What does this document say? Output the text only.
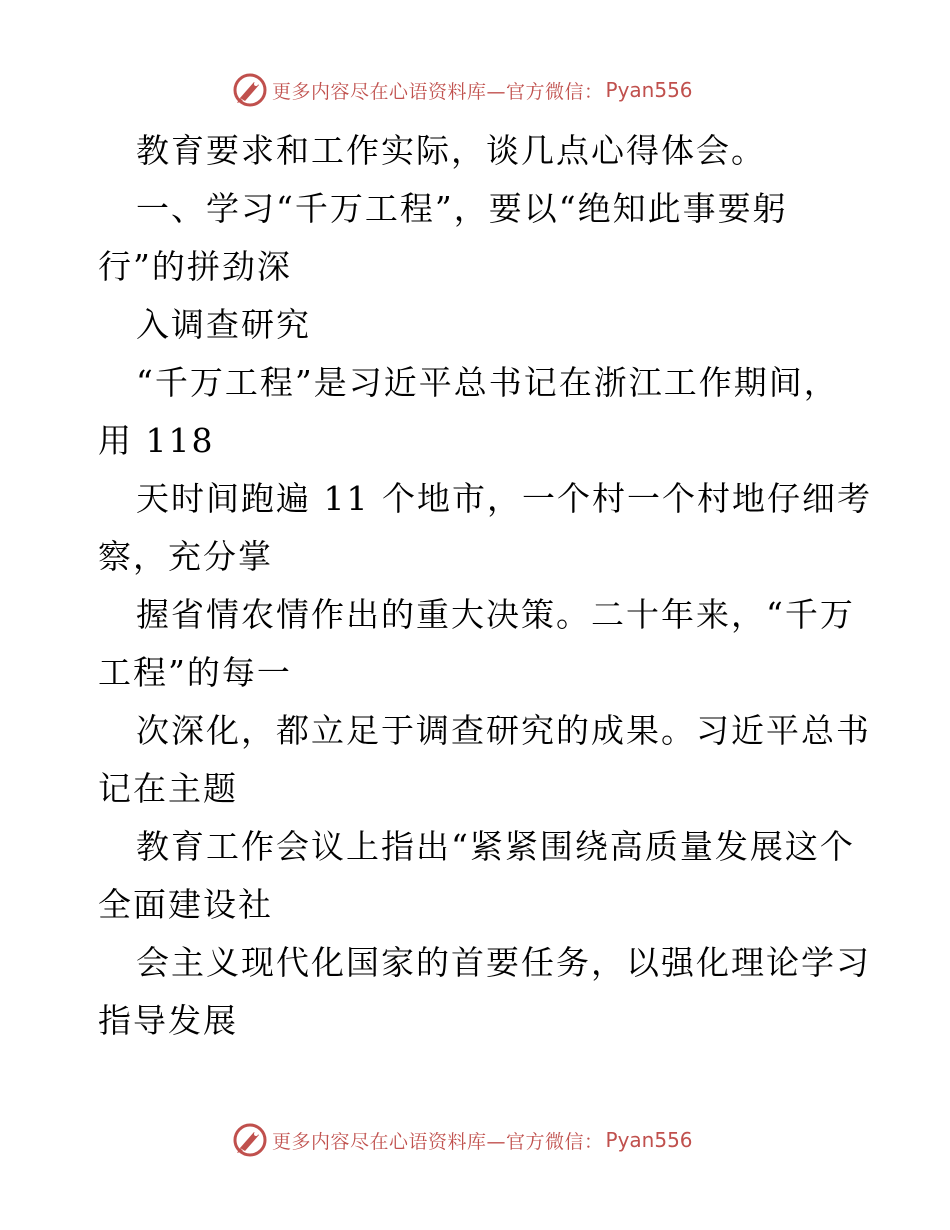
更多内容尽在心语资料库—官方微信： Pyan556
教育要求和工作实际，谈几点心得体会。
一、学习“千万工程”，要以“绝知此事要躬
行”的拼劲深
入调查研究
“千万工程”是习近平总书记在浙江工作期间，
用 118
天时间跑遍 11 个地市，一个村一个村地仔细考
察，充分掌
握省情农情作出的重大决策。二十年来，“千万
工程”的每一
次深化，都立足于调查研究的成果。习近平总书
记在主题
教育工作会议上指出“紧紧围绕高质量发展这个
全面建设社
会主义现代化国家的首要任务，以强化理论学习
指导发展
更多内容尽在心语资料库—官方微信： Pyan556
